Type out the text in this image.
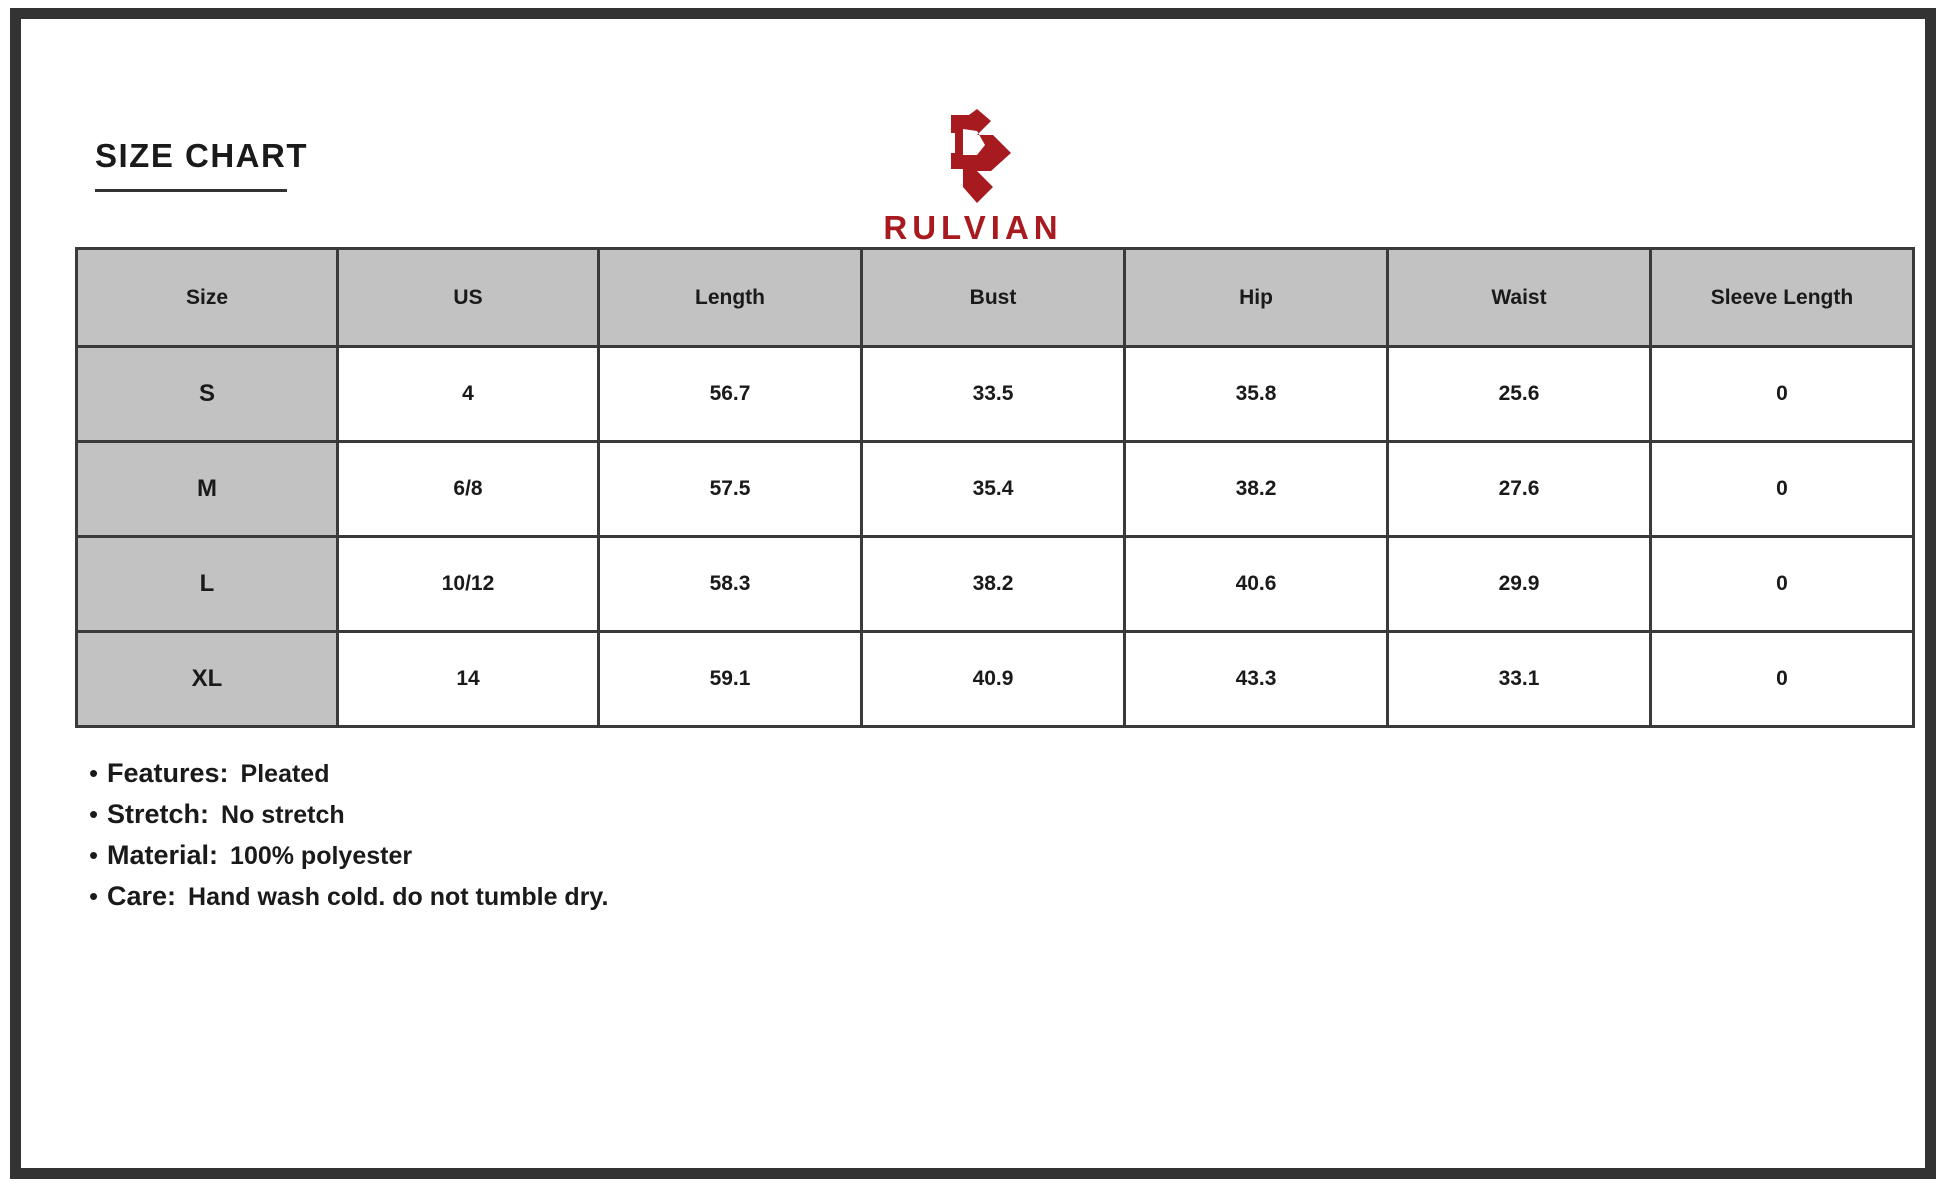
SIZE CHART
RULVIAN
Size	US	Length	Bust	Hip	Waist	Sleeve Length
S	4	56.7	33.5	35.8	25.6	0
M	6/8	57.5	35.4	38.2	27.6	0
L	10/12	58.3	38.2	40.6	29.9	0
XL	14	59.1	40.9	43.3	33.1	0
• Features: Pleated
• Stretch: No stretch
• Material: 100% polyester
• Care: Hand wash cold. do not tumble dry.
